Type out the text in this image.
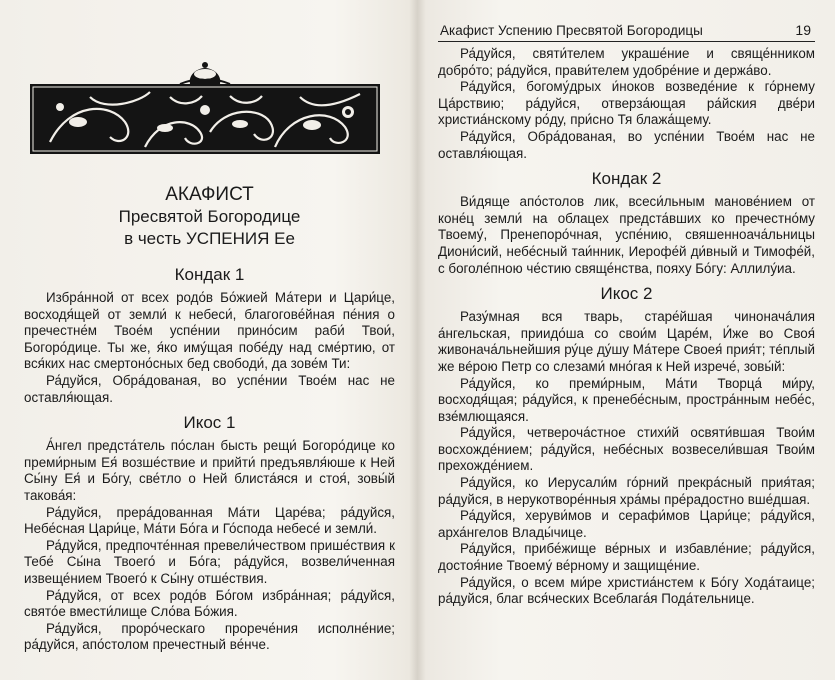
АКАФИСТ
Пресвятой Богородице
в честь УСПЕНИЯ Ее
Кондак 1

Избра́нной от всех родо́в Бо́жией Ма́тери и Цари́це, восходя́щей от земли́ к небеси́, благогове́йная пе́ния о пречестне́м Твое́м успе́нии прино́сим раби́ Твои́, Богоро́дице. Ты же, я́ко иму́щая побе́ду над сме́ртию, от вся́ких нас смертоно́сных бед свободи́, да зове́м Ти:

Ра́дуйся, Обра́дованая, во успе́нии Твое́м нас не оставля́ющая.

Икос 1

А́нгел предста́тель по́слан бысть рещи́ Богоро́дице ко преми́рным Ея́ возше́ствие и прийти́ предъявля́юше к Ней Сы́ну Ея́ и Бо́гу, све́тло о Ней блиста́яся и стоя́, зовы́й такова́я:

Ра́дуйся, прера́дованная Ма́ти Царе́ва; ра́дуйся, Небе́сная Цари́це, Ма́ти Бо́га и Го́спода небесе́ и земли́.

Ра́дуйся, предпочте́нная превели́чеством прише́ствия к Тебе́ Сы́на Твоего́ и Бо́га; ра́дуйся, возвели́ченная извеще́нием Твоего́ к Сы́ну отше́ствия.

Ра́дуйся, от всех родо́в Бо́гом избра́нная; ра́дуйся, свято́е вмести́лище Сло́ва Бо́жия.

Ра́дуйся, проро́ческаго прорече́ния исполне́ние; ра́дуйся, апо́столом пречестный ве́нче.

Акафист Успению Пресвятой Богородицы	19

Ра́дуйся, святи́телем украше́ние и свяще́нником добро́то; ра́дуйся, прави́телем удобре́ние и держа́во.

Ра́дуйся, богому́дрых и́ноков возведе́ние к го́рнему Ца́рствию; ра́дуйся, отверза́ющая ра́йския две́ри христиа́нскому ро́ду, при́сно Тя блажа́щему.

Ра́дуйся, Обра́дованая, во успе́нии Твое́м нас не оставля́ющая.

Кондак 2

Ви́дяще апо́столов лик, всеси́льным манове́нием от коне́ц земли́ на облацех предста́вших ко пречестно́му Твоему́, Пренепоро́чная, успе́нию, свяшенноача́льницы Диони́сий, небе́сный таи́нник, Иерофе́й ди́вный и Тимофе́й, с боголе́пною че́стию свяще́нства, пояху Бо́гу: Аллилу́иа.

Икос 2

Разу́мная вся тварь, старе́йшая чиноначáлия а́нгельская, приидо́ша со свои́м Царе́м, И́же во Своя́ живонача́льнейшия ру́це ду́шу Ма́тере Своея́ прия́т; тéплый же вéрою Петр со слезами́ мно́гая к Ней изрече́, зовы́й:

Ра́дуйся, ко преми́рным, Ма́ти Творца́ ми́ру, восходя́щая; ра́дуйся, к пренебе́сным, простра́нным небе́с, взе́млющаяся.

Ра́дуйся, четвероча́стное стихи́й освяти́вшая Твои́м восхожде́нием; ра́дуйся, небе́сных возвесели́вшая Твои́м прехожде́нием.

Ра́дуйся, ко Иерусали́м го́рний прекра́сный прия́тая; ра́дуйся, в нерукотворе́нныя хра́мы пре́радостно вше́дшая.

Ра́дуйся, херуви́мов и серафи́мов Цари́це; ра́дуйся, арха́нгелов Влады́чице.

Ра́дуйся, прибе́жище ве́рных и избавле́ние; ра́дуйся, достоя́ние Твоему́ ве́рному и защище́ние.

Ра́дуйся, о всем ми́ре христиа́нстем к Бо́гу Хода́таице; ра́дуйся, благ вся́ческих Всеблага́я Пода́тельнице.
